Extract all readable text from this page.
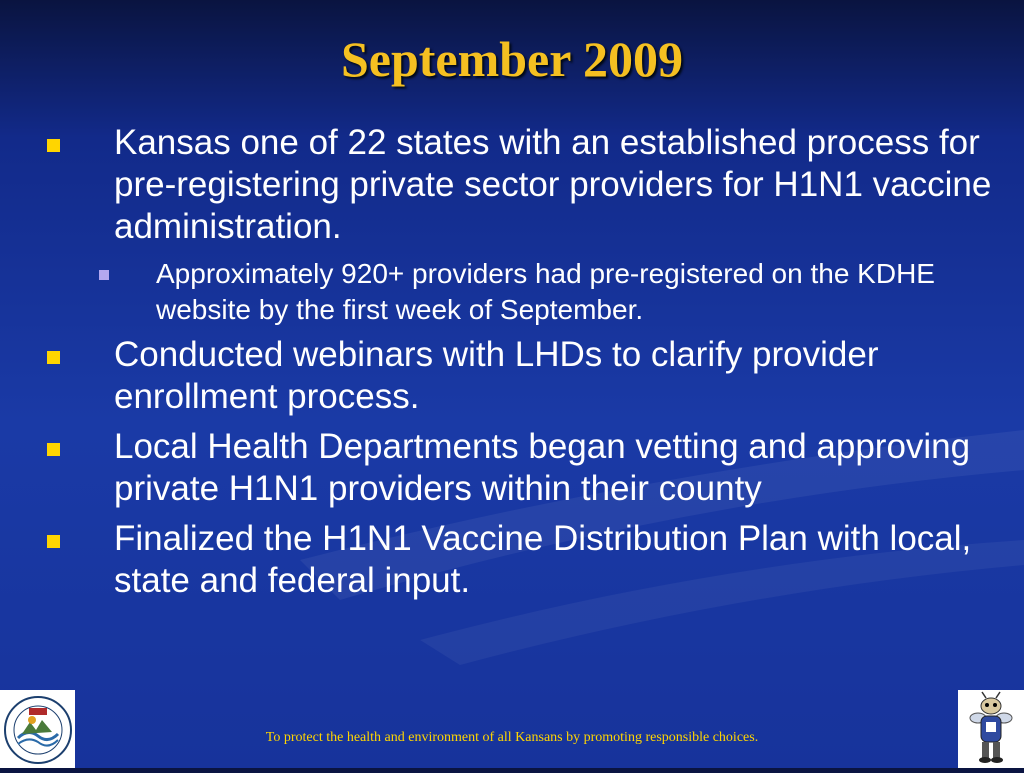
September 2009
Kansas one of 22 states with an established process for pre-registering private sector providers for H1N1 vaccine administration.
Approximately 920+ providers had pre-registered on the KDHE website by the first week of September.
Conducted webinars with LHDs to clarify provider enrollment process.
Local Health Departments began vetting and approving private H1N1 providers within their county
Finalized the H1N1 Vaccine Distribution Plan with local, state and federal input.
To protect the health and environment of all Kansans by promoting responsible choices.
